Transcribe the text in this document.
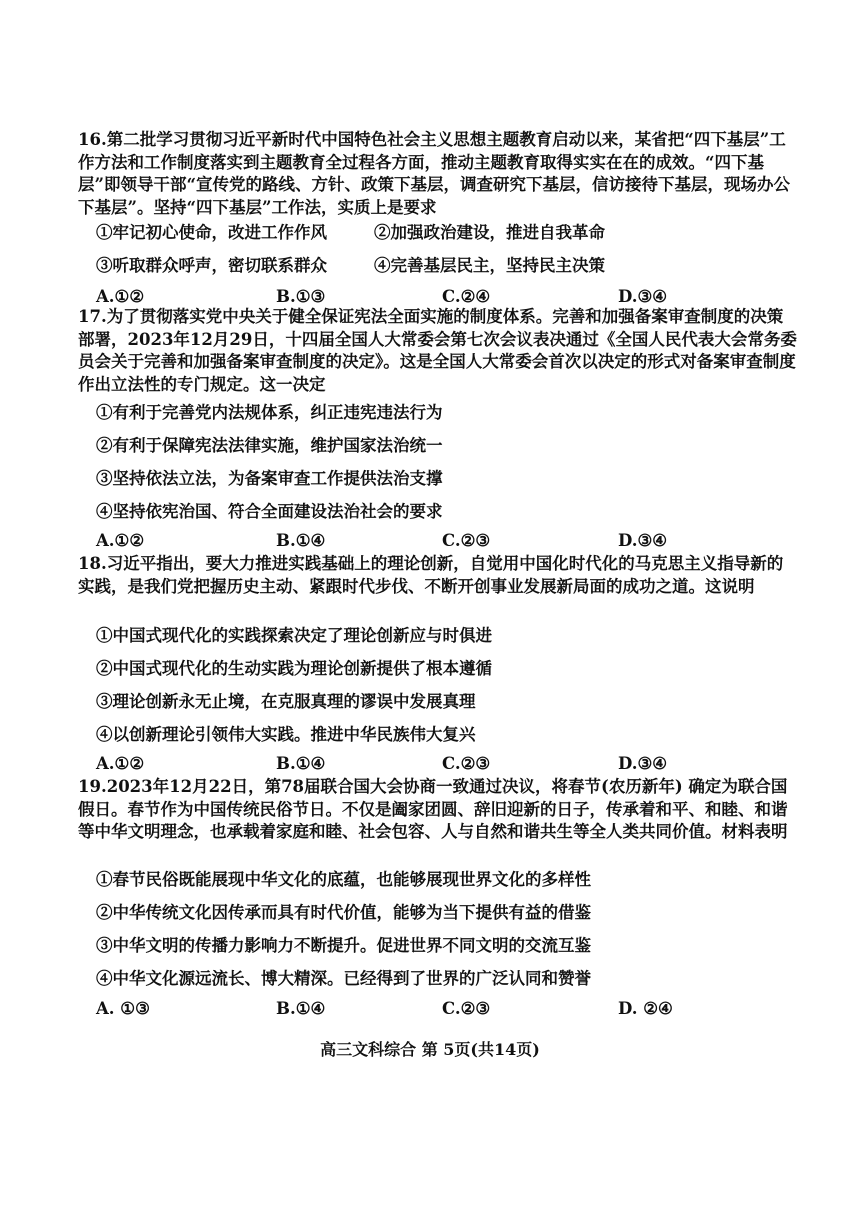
16.第二批学习贯彻习近平新时代中国特色社会主义思想主题教育启动以来，某省把“四下基层”工作方法和工作制度落实到主题教育全过程各方面，推动主题教育取得实实在在的成效。“四下基层”即领导干部“宣传党的路线、方针、政策下基层，调查研究下基层，信访接待下基层，现场办公下基层”。坚持“四下基层”工作法，实质上是要求
①牢记初心使命，改进工作作风	②加强政治建设，推进自我革命
③听取群众呼声，密切联系群众	④完善基层民主，坚持民主决策
A.①②	B.①③	C.②④	D.③④
17.为了贯彻落实党中央关于健全保证宪法全面实施的制度体系。完善和加强备案审查制度的决策部署，2023年12月29日，十四届全国人大常委会第七次会议表决通过《全国人民代表大会常务委员会关于完善和加强备案审查制度的决定》。这是全国人大常委会首次以决定的形式对备案审查制度作出立法性的专门规定。这一决定
①有利于完善党内法规体系，纠正违宪违法行为
②有利于保障宪法法律实施，维护国家法治统一
③坚持依法立法，为备案审查工作提供法治支撑
④坚持依宪治国、符合全面建设法治社会的要求
A.①②	B.①④	C.②③	D.③④
18.习近平指出，要大力推进实践基础上的理论创新，自觉用中国化时代化的马克思主义指导新的实践，是我们党把握历史主动、紧跟时代步伐、不断开创事业发展新局面的成功之道。这说明
①中国式现代化的实践探索决定了理论创新应与时俱进
②中国式现代化的生动实践为理论创新提供了根本遵循
③理论创新永无止境，在克服真理的谬误中发展真理
④以创新理论引领伟大实践。推进中华民族伟大复兴
A.①②	B.①④	C.②③	D.③④
19.2023年12月22日，第78届联合国大会协商一致通过决议，将春节(农历新年) 确定为联合国假日。春节作为中国传统民俗节日。不仅是阖家团圆、辞旧迎新的日子，传承着和平、和睦、和谐等中华文明理念，也承载着家庭和睦、社会包容、人与自然和谐共生等全人类共同价值。材料表明
①春节民俗既能展现中华文化的底蕴，也能够展现世界文化的多样性
②中华传统文化因传承而具有时代价值，能够为当下提供有益的借鉴
③中华文明的传播力影响力不断提升。促进世界不同文明的交流互鉴
④中华文化源远流长、博大精深。已经得到了世界的广泛认同和赞誉
A. ①③	B.①④	C.②③	D. ②④
高三文科综合 第 5页(共14页)
